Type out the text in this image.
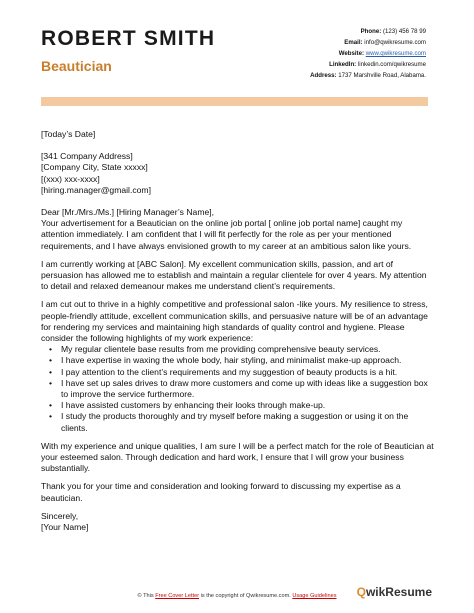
ROBERT SMITH
Beautician
Phone: (123) 456 78 99
Email: info@qwikresume.com
Website: www.qwikresume.com
LinkedIn: linkedin.com/qwikresume
Address: 1737 Marshville Road, Alabama.

[Today’s Date]

[341 Company Address]

[Company City, State xxxxx]

[(xxx) xxx-xxxx]

[hiring.manager@gmail.com]

Dear [Mr./Mrs./Ms.] [Hiring Manager’s Name],

Your advertisement for a Beautician on the online job portal [ online job portal name] caught my attention immediately. I am confident that I will fit perfectly for the role as per your mentioned requirements, and I have always envisioned growth to my career at an ambitious salon like yours.

I am currently working at [ABC Salon]. My excellent communication skills, passion, and art of persuasion has allowed me to establish and maintain a regular clientele for over 4 years. My attention to detail and relaxed demeanour makes me understand client’s requirements.

I am cut out to thrive in a highly competitive and professional salon -like yours. My resilience to stress, people-friendly attitude, excellent communication skills, and persuasive nature will be of an advantage for rendering my services and maintaining high standards of quality control and hygiene. Please consider the following highlights of my work experience:

• My regular clientele base results from me providing comprehensive beauty services.
• I have expertise in waxing the whole body, hair styling, and minimalist make-up approach.
• I pay attention to the client’s requirements and my suggestion of beauty products is a hit.
• I have set up sales drives to draw more customers and come up with ideas like a suggestion box to improve the service furthermore.
• I have assisted customers by enhancing their looks through make-up.
• I study the products thoroughly and try myself before making a suggestion or using it on the clients.

With my experience and unique qualities, I am sure I will be a perfect match for the role of Beautician at your esteemed salon. Through dedication and hard work, I ensure that I will grow your business substantially.

Thank you for your time and consideration and looking forward to discussing my expertise as a beautician.

Sincerely,

[Your Name]

© This Free Cover Letter is the copyright of Qwikresume.com. Usage Guidelines	QwikResume
